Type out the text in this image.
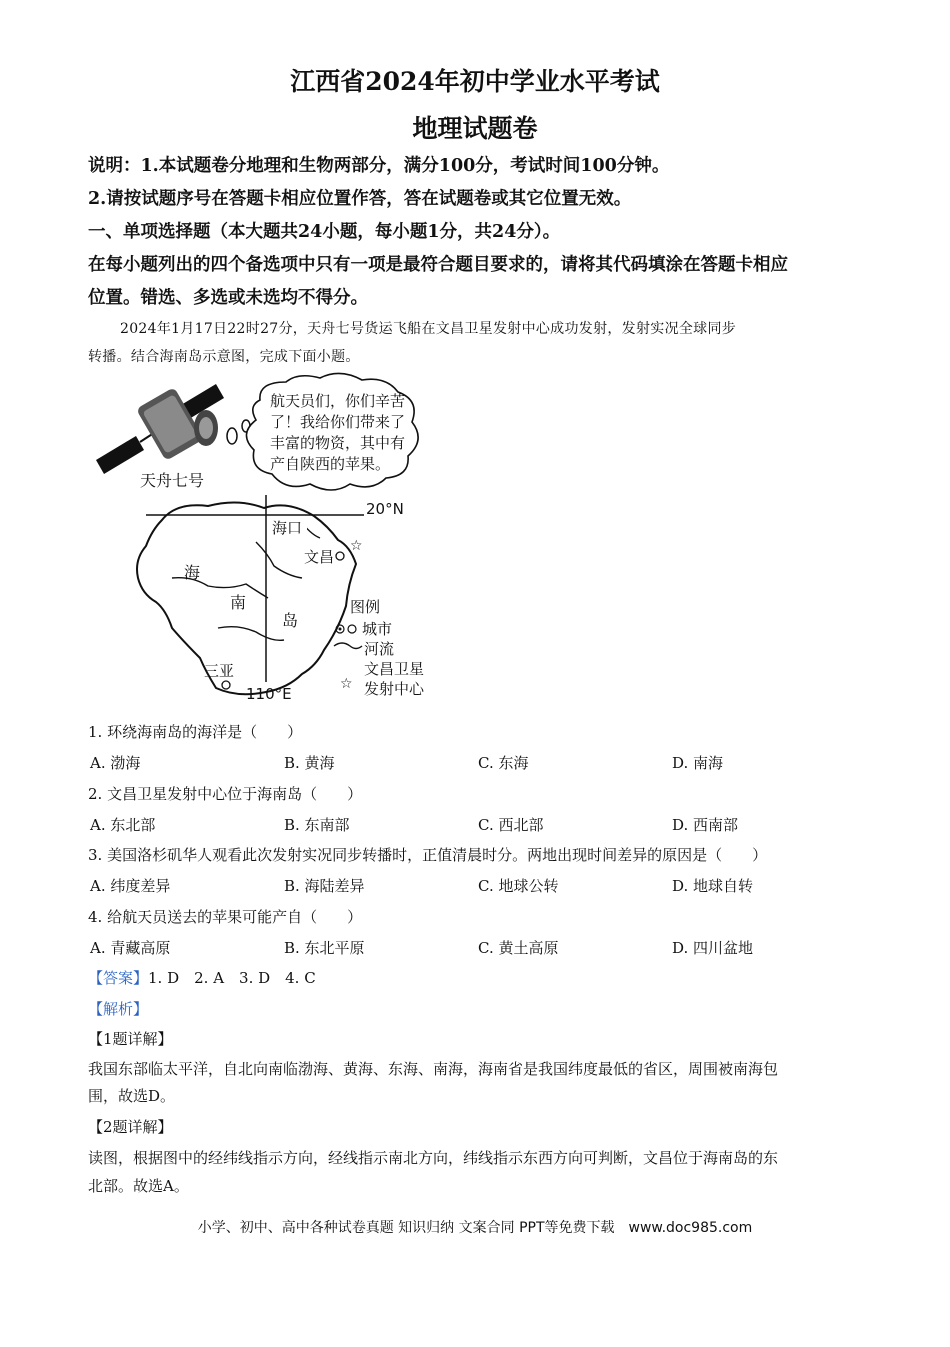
江西省2024年初中学业水平考试
地理试题卷
说明：1.本试题卷分地理和生物两部分，满分100分，考试时间100分钟。
2.请按试题序号在答题卡相应位置作答，答在试题卷或其它位置无效。
一、单项选择题（本大题共24小题，每小题1分，共24分）。
在每小题列出的四个备选项中只有一项是最符合题目要求的，请将其代码填涂在答题卡相应
位置。错选、多选或未选均不得分。
2024年1月17日22时27分，天舟七号货运飞船在文昌卫星发射中心成功发射，发射实况全球同步
转播。结合海南岛示意图，完成下面小题。
航天员们，你们辛苦
了！我给你们带来了
丰富的物资，其中有
产自陕西的苹果。
天舟七号
20°N
110°E
海口
文昌
☆
三亚
海
南
岛
图例
城市
河流
文昌卫星
☆ 发射中心
1. 环绕海南岛的海洋是（　　）
A. 渤海	B. 黄海	C. 东海	D. 南海
2. 文昌卫星发射中心位于海南岛（　　）
A. 东北部	B. 东南部	C. 西北部	D. 西南部
3. 美国洛杉矶华人观看此次发射实况同步转播时，正值清晨时分。两地出现时间差异的原因是（　　）
A. 纬度差异	B. 海陆差异	C. 地球公转	D. 地球自转
4. 给航天员送去的苹果可能产自（　　）
A. 青藏高原	B. 东北平原	C. 黄土高原	D. 四川盆地
【答案】1. D　2. A　3. D　4. C
【解析】
【1题详解】
我国东部临太平洋，自北向南临渤海、黄海、东海、南海，海南省是我国纬度最低的省区，周围被南海包
围，故选D。
【2题详解】
读图，根据图中的经纬线指示方向，经线指示南北方向，纬线指示东西方向可判断，文昌位于海南岛的东
北部。故选A。
小学、初中、高中各种试卷真题 知识归纳 文案合同 PPT等免费下载　www.doc985.com
